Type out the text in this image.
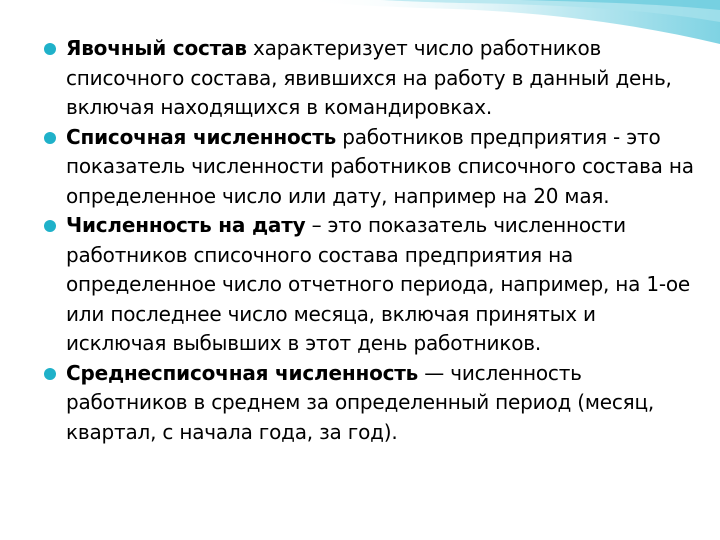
Явочный состав характеризует число работников списочного состава, явившихся на работу в данный день, включая находящихся в командировках.
Списочная численность работников предприятия - это показатель численности работников списочного состава на определенное число или дату, например на 20 мая.
Численность на дату – это показатель численности работников списочного состава предприятия на определенное число отчетного периода, например, на 1-ое или последнее число месяца, включая принятых и исключая выбывших в этот день работников.
Среднесписочная численность — численность работников в среднем за определенный период (месяц, квартал, с начала года, за год).
